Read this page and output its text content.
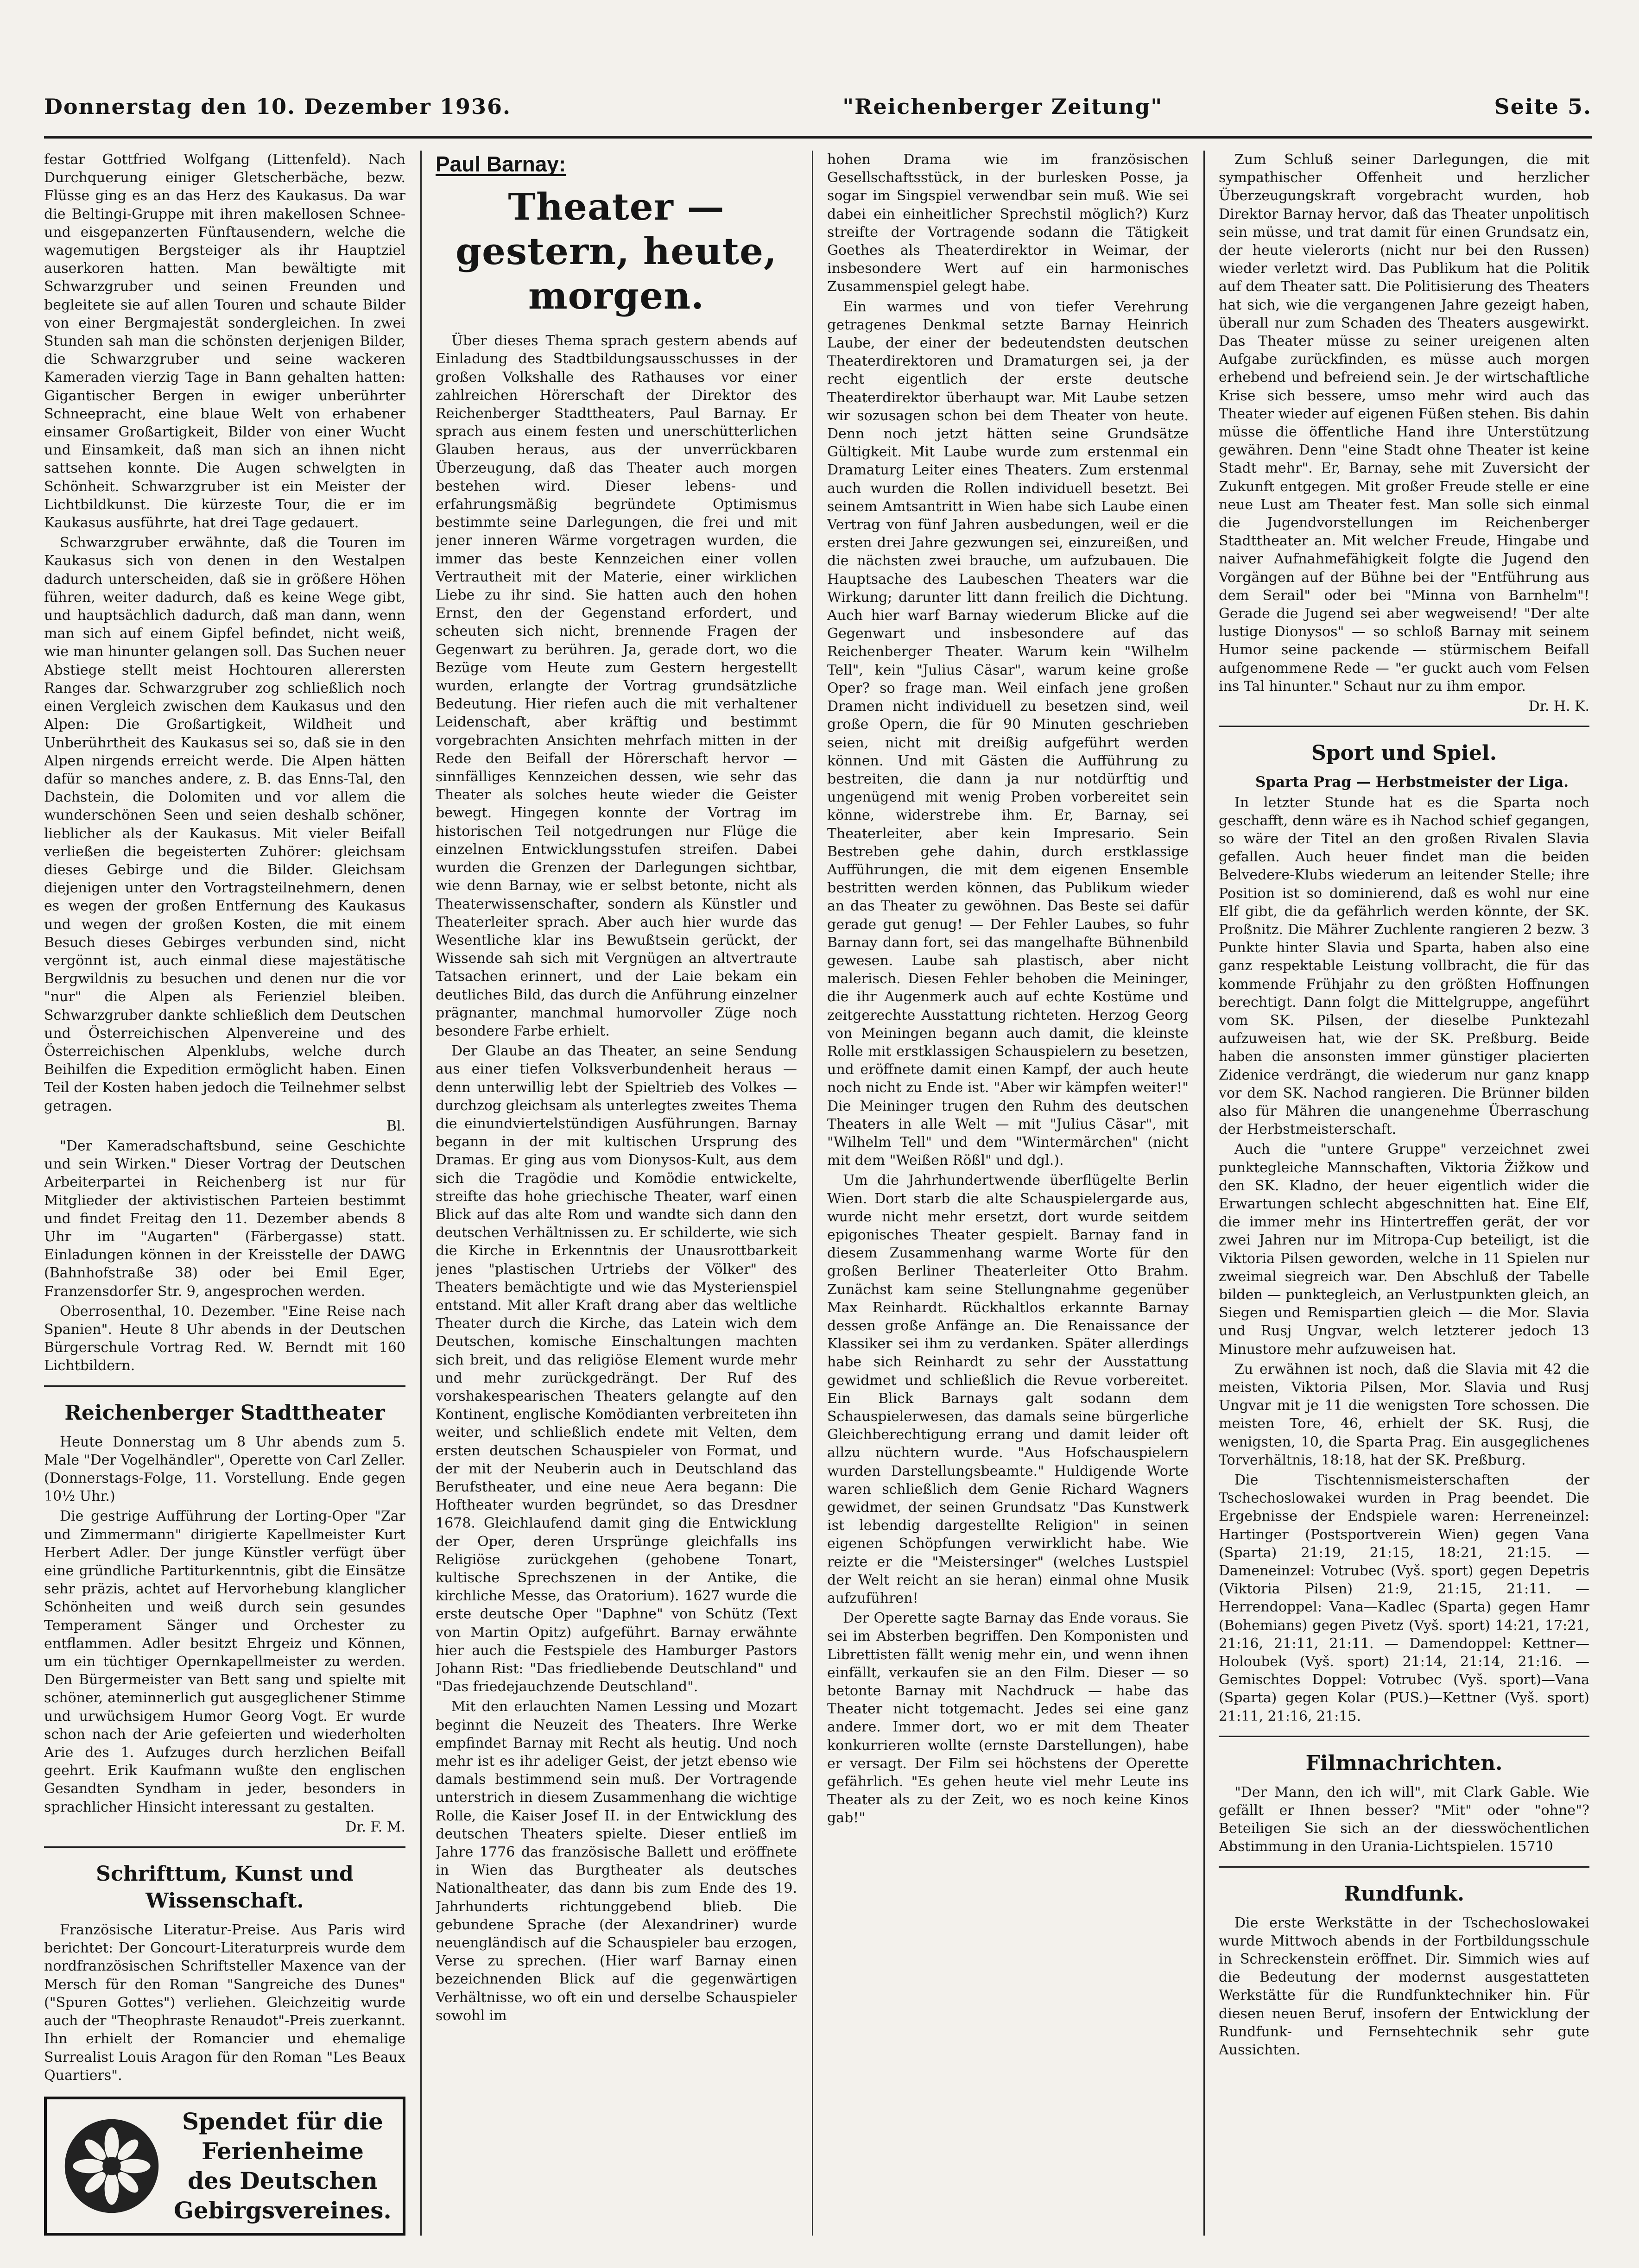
Donnerstag den 10. Dezember 1936.	"Reichenberger Zeitung"	Seite 5.

festar Gottfried Wolfgang (Littenfeld). Nach Durchquerung einiger Gletscherbäche, bezw. Flüsse ging es an das Herz des Kaukasus. Da war die Beltingi-Gruppe mit ihren makellosen Schnee- und eisgepanzerten Fünftausendern, welche die wagemutigen Bergsteiger als ihr Hauptziel auserkoren hatten. Man bewältigte mit Schwarzgruber und seinen Freunden und begleitete sie auf allen Touren und schaute Bilder von einer Bergmajestät sondergleichen. In zwei Stunden sah man die schönsten derjenigen Bilder, die Schwarzgruber und seine wackeren Kameraden vierzig Tage in Bann gehalten hatten: Gigantischer Bergen in ewiger unberührter Schneepracht, eine blaue Welt von erhabener einsamer Großartigkeit, Bilder von einer Wucht und Einsamkeit, daß man sich an ihnen nicht sattsehen konnte. Die Augen schwelgten in Schönheit. Schwarzgruber ist ein Meister der Lichtbildkunst. Die kürzeste Tour, die er im Kaukasus ausführte, hat drei Tage gedauert.

Schwarzgruber erwähnte, daß die Touren im Kaukasus sich von denen in den Westalpen dadurch unterscheiden, daß sie in größere Höhen führen, weiter dadurch, daß es keine Wege gibt, und hauptsächlich dadurch, daß man dann, wenn man sich auf einem Gipfel befindet, nicht weiß, wie man hinunter gelangen soll. Das Suchen neuer Abstiege stellt meist Hochtouren allerersten Ranges dar. Schwarzgruber zog schließlich noch einen Vergleich zwischen dem Kaukasus und den Alpen: Die Großartigkeit, Wildheit und Unberührtheit des Kaukasus sei so, daß sie in den Alpen nirgends erreicht werde. Die Alpen hätten dafür so manches andere, z. B. das Enns-Tal, den Dachstein, die Dolomiten und vor allem die wunderschönen Seen und seien deshalb schöner, lieblicher als der Kaukasus. Mit vieler Beifall verließen die begeisterten Zuhörer: gleichsam dieses Gebirge und die Bilder. Gleichsam diejenigen unter den Vortragsteilnehmern, denen es wegen der großen Entfernung des Kaukasus und wegen der großen Kosten, die mit einem Besuch dieses Gebirges verbunden sind, nicht vergönnt ist, auch einmal diese majestätische Bergwildnis zu besuchen und denen nur die vor "nur" die Alpen als Ferienziel bleiben. Schwarzgruber dankte schließlich dem Deutschen und Österreichischen Alpenvereine und des Österreichischen Alpenklubs, welche durch Beihilfen die Expedition ermöglicht haben. Einen Teil der Kosten haben jedoch die Teilnehmer selbst getragen.

Bl.

"Der Kameradschaftsbund, seine Geschichte und sein Wirken." Dieser Vortrag der Deutschen Arbeiterpartei in Reichenberg ist nur für Mitglieder der aktivistischen Parteien bestimmt und findet Freitag den 11. Dezember abends 8 Uhr im "Augarten" (Färbergasse) statt. Einladungen können in der Kreisstelle der DAWG (Bahnhofstraße 38) oder bei Emil Eger, Franzensdorfer Str. 9, angesprochen werden.

Oberrosenthal, 10. Dezember. "Eine Reise nach Spanien". Heute 8 Uhr abends in der Deutschen Bürgerschule Vortrag Red. W. Berndt mit 160 Lichtbildern.

Reichenberger Stadttheater

Heute Donnerstag um 8 Uhr abends zum 5. Male "Der Vogelhändler", Operette von Carl Zeller. (Donnerstags-Folge, 11. Vorstellung. Ende gegen 10½ Uhr.)

Die gestrige Aufführung der Lorting-Oper "Zar und Zimmermann" dirigierte Kapellmeister Kurt Herbert Adler. Der junge Künstler verfügt über eine gründliche Partiturkenntnis, gibt die Einsätze sehr präzis, achtet auf Hervorhebung klanglicher Schönheiten und weiß durch sein gesundes Temperament Sänger und Orchester zu entflammen. Adler besitzt Ehrgeiz und Können, um ein tüchtiger Opernkapellmeister zu werden. Den Bürgermeister van Bett sang und spielte mit schöner, ateminnerlich gut ausgeglichener Stimme und urwüchsigem Humor Georg Vogt. Er wurde schon nach der Arie gefeierten und wiederholten Arie des 1. Aufzuges durch herzlichen Beifall geehrt. Erik Kaufmann wußte den englischen Gesandten Syndham in jeder, besonders in sprachlicher Hinsicht interessant zu gestalten.

Dr. F. M.

Schrifttum, Kunst und Wissenschaft.

Französische Literatur-Preise. Aus Paris wird berichtet: Der Goncourt-Literaturpreis wurde dem nordfranzösischen Schriftsteller Maxence van der Mersch für den Roman "Sangreiche des Dunes" ("Spuren Gottes") verliehen. Gleichzeitig wurde auch der "Theophraste Renaudot"-Preis zuerkannt. Ihn erhielt der Romancier und ehemalige Surrealist Louis Aragon für den Roman "Les Beaux Quartiers".

Spendet für die
Ferienheime
des Deutschen
Gebirgsvereines.
Paul Barnay:
Theater — gestern, heute, morgen.

Über dieses Thema sprach gestern abends auf Einladung des Stadtbildungsausschusses in der großen Volkshalle des Rathauses vor einer zahlreichen Hörerschaft der Direktor des Reichenberger Stadttheaters, Paul Barnay. Er sprach aus einem festen und unerschütterlichen Glauben heraus, aus der unverrückbaren Überzeugung, daß das Theater auch morgen bestehen wird. Dieser lebens- und erfahrungsmäßig begründete Optimismus bestimmte seine Darlegungen, die frei und mit jener inneren Wärme vorgetragen wurden, die immer das beste Kennzeichen einer vollen Vertrautheit mit der Materie, einer wirklichen Liebe zu ihr sind. Sie hatten auch den hohen Ernst, den der Gegenstand erfordert, und scheuten sich nicht, brennende Fragen der Gegenwart zu berühren. Ja, gerade dort, wo die Bezüge vom Heute zum Gestern hergestellt wurden, erlangte der Vortrag grundsätzliche Bedeutung. Hier riefen auch die mit verhaltener Leidenschaft, aber kräftig und bestimmt vorgebrachten Ansichten mehrfach mitten in der Rede den Beifall der Hörerschaft hervor — sinnfälliges Kennzeichen dessen, wie sehr das Theater als solches heute wieder die Geister bewegt. Hingegen konnte der Vortrag im historischen Teil notgedrungen nur Flüge die einzelnen Entwicklungsstufen streifen. Dabei wurden die Grenzen der Darlegungen sichtbar, wie denn Barnay, wie er selbst betonte, nicht als Theaterwissenschafter, sondern als Künstler und Theaterleiter sprach. Aber auch hier wurde das Wesentliche klar ins Bewußtsein gerückt, der Wissende sah sich mit Vergnügen an altvertraute Tatsachen erinnert, und der Laie bekam ein deutliches Bild, das durch die Anführung einzelner prägnanter, manchmal humorvoller Züge noch besondere Farbe erhielt.

Der Glaube an das Theater, an seine Sendung aus einer tiefen Volksverbundenheit heraus — denn unterwillig lebt der Spieltrieb des Volkes — durchzog gleichsam als unterlegtes zweites Thema die einundviertelstündigen Ausführungen. Barnay begann in der mit kultischen Ursprung des Dramas. Er ging aus vom Dionysos-Kult, aus dem sich die Tragödie und Komödie entwickelte, streifte das hohe griechische Theater, warf einen Blick auf das alte Rom und wandte sich dann den deutschen Verhältnissen zu. Er schilderte, wie sich die Kirche in Erkenntnis der Unausrottbarkeit jenes "plastischen Urtriebs der Völker" des Theaters bemächtigte und wie das Mysterienspiel entstand. Mit aller Kraft drang aber das weltliche Theater durch die Kirche, das Latein wich dem Deutschen, komische Einschaltungen machten sich breit, und das religiöse Element wurde mehr und mehr zurückgedrängt. Der Ruf des vorshakespearischen Theaters gelangte auf den Kontinent, englische Komödianten verbreiteten ihn weiter, und schließlich endete mit Velten, dem ersten deutschen Schauspieler von Format, und der mit der Neuberin auch in Deutschland das Berufstheater, und eine neue Aera begann: Die Hoftheater wurden begründet, so das Dresdner 1678. Gleichlaufend damit ging die Entwicklung der Oper, deren Ursprünge gleichfalls ins Religiöse zurückgehen (gehobene Tonart, kultische Sprechszenen in der Antike, die kirchliche Messe, das Oratorium). 1627 wurde die erste deutsche Oper "Daphne" von Schütz (Text von Martin Opitz) aufgeführt. Barnay erwähnte hier auch die Festspiele des Hamburger Pastors Johann Rist: "Das friedliebende Deutschland" und "Das friedejauchzende Deutschland".

Mit den erlauchten Namen Lessing und Mozart beginnt die Neuzeit des Theaters. Ihre Werke empfindet Barnay mit Recht als heutig. Und noch mehr ist es ihr adeliger Geist, der jetzt ebenso wie damals bestimmend sein muß. Der Vortragende unterstrich in diesem Zusammenhang die wichtige Rolle, die Kaiser Josef II. in der Entwicklung des deutschen Theaters spielte. Dieser entließ im Jahre 1776 das französische Ballett und eröffnete in Wien das Burgtheater als deutsches Nationaltheater, das dann bis zum Ende des 19. Jahrhunderts richtunggebend blieb. Die gebundene Sprache (der Alexandriner) wurde neuengländisch auf die Schauspieler bau erzogen, Verse zu sprechen. (Hier warf Barnay einen bezeichnenden Blick auf die gegenwärtigen Verhältnisse, wo oft ein und derselbe Schauspieler sowohl im

hohen Drama wie im französischen Gesellschaftsstück, in der burlesken Posse, ja sogar im Singspiel verwendbar sein muß. Wie sei dabei ein einheitlicher Sprechstil möglich?) Kurz streifte der Vortragende sodann die Tätigkeit Goethes als Theaterdirektor in Weimar, der insbesondere Wert auf ein harmonisches Zusammenspiel gelegt habe.

Ein warmes und von tiefer Verehrung getragenes Denkmal setzte Barnay Heinrich Laube, der einer der bedeutendsten deutschen Theaterdirektoren und Dramaturgen sei, ja der recht eigentlich der erste deutsche Theaterdirektor überhaupt war. Mit Laube setzen wir sozusagen schon bei dem Theater von heute. Denn noch jetzt hätten seine Grundsätze Gültigkeit. Mit Laube wurde zum erstenmal ein Dramaturg Leiter eines Theaters. Zum erstenmal auch wurden die Rollen individuell besetzt. Bei seinem Amtsantritt in Wien habe sich Laube einen Vertrag von fünf Jahren ausbedungen, weil er die ersten drei Jahre gezwungen sei, einzureißen, und die nächsten zwei brauche, um aufzubauen. Die Hauptsache des Laubeschen Theaters war die Wirkung; darunter litt dann freilich die Dichtung. Auch hier warf Barnay wiederum Blicke auf die Gegenwart und insbesondere auf das Reichenberger Theater. Warum kein "Wilhelm Tell", kein "Julius Cäsar", warum keine große Oper? so frage man. Weil einfach jene großen Dramen nicht individuell zu besetzen sind, weil große Opern, die für 90 Minuten geschrieben seien, nicht mit dreißig aufgeführt werden können. Und mit Gästen die Aufführung zu bestreiten, die dann ja nur notdürftig und ungenügend mit wenig Proben vorbereitet sein könne, widerstrebe ihm. Er, Barnay, sei Theaterleiter, aber kein Impresario. Sein Bestreben gehe dahin, durch erstklassige Aufführungen, die mit dem eigenen Ensemble bestritten werden können, das Publikum wieder an das Theater zu gewöhnen. Das Beste sei dafür gerade gut genug! — Der Fehler Laubes, so fuhr Barnay dann fort, sei das mangelhafte Bühnenbild gewesen. Laube sah plastisch, aber nicht malerisch. Diesen Fehler behoben die Meininger, die ihr Augenmerk auch auf echte Kostüme und zeitgerechte Ausstattung richteten. Herzog Georg von Meiningen begann auch damit, die kleinste Rolle mit erstklassigen Schauspielern zu besetzen, und eröffnete damit einen Kampf, der auch heute noch nicht zu Ende ist. "Aber wir kämpfen weiter!" Die Meininger trugen den Ruhm des deutschen Theaters in alle Welt — mit "Julius Cäsar", mit "Wilhelm Tell" und dem "Wintermärchen" (nicht mit dem "Weißen Rößl" und dgl.).

Um die Jahrhundertwende überflügelte Berlin Wien. Dort starb die alte Schauspielergarde aus, wurde nicht mehr ersetzt, dort wurde seitdem epigonisches Theater gespielt. Barnay fand in diesem Zusammenhang warme Worte für den großen Berliner Theaterleiter Otto Brahm. Zunächst kam seine Stellungnahme gegenüber Max Reinhardt. Rückhaltlos erkannte Barnay dessen große Anfänge an. Die Renaissance der Klassiker sei ihm zu verdanken. Später allerdings habe sich Reinhardt zu sehr der Ausstattung gewidmet und schließlich die Revue vorbereitet. Ein Blick Barnays galt sodann dem Schauspielerwesen, das damals seine bürgerliche Gleichberechtigung errang und damit leider oft allzu nüchtern wurde. "Aus Hofschauspielern wurden Darstellungsbeamte." Huldigende Worte waren schließlich dem Genie Richard Wagners gewidmet, der seinen Grundsatz "Das Kunstwerk ist lebendig dargestellte Religion" in seinen eigenen Schöpfungen verwirklicht habe. Wie reizte er die "Meistersinger" (welches Lustspiel der Welt reicht an sie heran) einmal ohne Musik aufzuführen!

Der Operette sagte Barnay das Ende voraus. Sie sei im Absterben begriffen. Den Komponisten und Librettisten fällt wenig mehr ein, und wenn ihnen einfällt, verkaufen sie an den Film. Dieser — so betonte Barnay mit Nachdruck — habe das Theater nicht totgemacht. Jedes sei eine ganz andere. Immer dort, wo er mit dem Theater konkurrieren wollte (ernste Darstellungen), habe er versagt. Der Film sei höchstens der Operette gefährlich. "Es gehen heute viel mehr Leute ins Theater als zu der Zeit, wo es noch keine Kinos gab!"

Zum Schluß seiner Darlegungen, die mit sympathischer Offenheit und herzlicher Überzeugungskraft vorgebracht wurden, hob Direktor Barnay hervor, daß das Theater unpolitisch sein müsse, und trat damit für einen Grundsatz ein, der heute vielerorts (nicht nur bei den Russen) wieder verletzt wird. Das Publikum hat die Politik auf dem Theater satt. Die Politisierung des Theaters hat sich, wie die vergangenen Jahre gezeigt haben, überall nur zum Schaden des Theaters ausgewirkt. Das Theater müsse zu seiner ureigenen alten Aufgabe zurückfinden, es müsse auch morgen erhebend und befreiend sein. Je der wirtschaftliche Krise sich bessere, umso mehr wird auch das Theater wieder auf eigenen Füßen stehen. Bis dahin müsse die öffentliche Hand ihre Unterstützung gewähren. Denn "eine Stadt ohne Theater ist keine Stadt mehr". Er, Barnay, sehe mit Zuversicht der Zukunft entgegen. Mit großer Freude stelle er eine neue Lust am Theater fest. Man solle sich einmal die Jugendvorstellungen im Reichenberger Stadttheater an. Mit welcher Freude, Hingabe und naiver Aufnahmefähigkeit folgte die Jugend den Vorgängen auf der Bühne bei der "Entführung aus dem Serail" oder bei "Minna von Barnhelm"! Gerade die Jugend sei aber wegweisend! "Der alte lustige Dionysos" — so schloß Barnay mit seinem Humor seine packende — stürmischem Beifall aufgenommene Rede — "er guckt auch vom Felsen ins Tal hinunter." Schaut nur zu ihm empor.

Dr. H. K.

Sport und Spiel.

Sparta Prag — Herbstmeister der Liga.

In letzter Stunde hat es die Sparta noch geschafft, denn wäre es ih Nachod schief gegangen, so wäre der Titel an den großen Rivalen Slavia gefallen. Auch heuer findet man die beiden Belvedere-Klubs wiederum an leitender Stelle; ihre Position ist so dominierend, daß es wohl nur eine Elf gibt, die da gefährlich werden könnte, der SK. Proßnitz. Die Mährer Zuchlente rangieren 2 bezw. 3 Punkte hinter Slavia und Sparta, haben also eine ganz respektable Leistung vollbracht, die für das kommende Frühjahr zu den größten Hoffnungen berechtigt. Dann folgt die Mittelgruppe, angeführt vom SK. Pilsen, der dieselbe Punktezahl aufzuweisen hat, wie der SK. Preßburg. Beide haben die ansonsten immer günstiger placierten Zidenice verdrängt, die wiederum nur ganz knapp vor dem SK. Nachod rangieren. Die Brünner bilden also für Mähren die unangenehme Überraschung der Herbstmeisterschaft.

Auch die "untere Gruppe" verzeichnet zwei punktegleiche Mannschaften, Viktoria Žižkow und den SK. Kladno, der heuer eigentlich wider die Erwartungen schlecht abgeschnitten hat. Eine Elf, die immer mehr ins Hintertreffen gerät, der vor zwei Jahren nur im Mitropa-Cup beteiligt, ist die Viktoria Pilsen geworden, welche in 11 Spielen nur zweimal siegreich war. Den Abschluß der Tabelle bilden — punktegleich, an Verlustpunkten gleich, an Siegen und Remispartien gleich — die Mor. Slavia und Rusj Ungvar, welch letzterer jedoch 13 Minustore mehr aufzuweisen hat.

Zu erwähnen ist noch, daß die Slavia mit 42 die meisten, Viktoria Pilsen, Mor. Slavia und Rusj Ungvar mit je 11 die wenigsten Tore schossen. Die meisten Tore, 46, erhielt der SK. Rusj, die wenigsten, 10, die Sparta Prag. Ein ausgeglichenes Torverhältnis, 18:18, hat der SK. Preßburg.

Die Tischtennismeisterschaften der Tschechoslowakei wurden in Prag beendet. Die Ergebnisse der Endspiele waren: Herreneinzel: Hartinger (Postsportverein Wien) gegen Vana (Sparta) 21:19, 21:15, 18:21, 21:15. — Dameneinzel: Votrubec (Vyš. sport) gegen Depetris (Viktoria Pilsen) 21:9, 21:15, 21:11. — Herrendoppel: Vana—Kadlec (Sparta) gegen Hamr (Bohemians) gegen Pivetz (Vyš. sport) 14:21, 17:21, 21:16, 21:11, 21:11. — Damendoppel: Kettner—Holoubek (Vyš. sport) 21:14, 21:14, 21:16. — Gemischtes Doppel: Votrubec (Vyš. sport)—Vana (Sparta) gegen Kolar (PUS.)—Kettner (Vyš. sport) 21:11, 21:16, 21:15.

Filmnachrichten.

"Der Mann, den ich will", mit Clark Gable. Wie gefällt er Ihnen besser? "Mit" oder "ohne"? Beteiligen Sie sich an der diesswöchentlichen Abstimmung in den Urania-Lichtspielen. 15710

Rundfunk.

Die erste Werkstätte in der Tschechoslowakei wurde Mittwoch abends in der Fortbildungsschule in Schreckenstein eröffnet. Dir. Simmich wies auf die Bedeutung der modernst ausgestatteten Werkstätte für die Rundfunktechniker hin. Für diesen neuen Beruf, insofern der Entwicklung der Rundfunk- und Fernsehtechnik sehr gute Aussichten.
